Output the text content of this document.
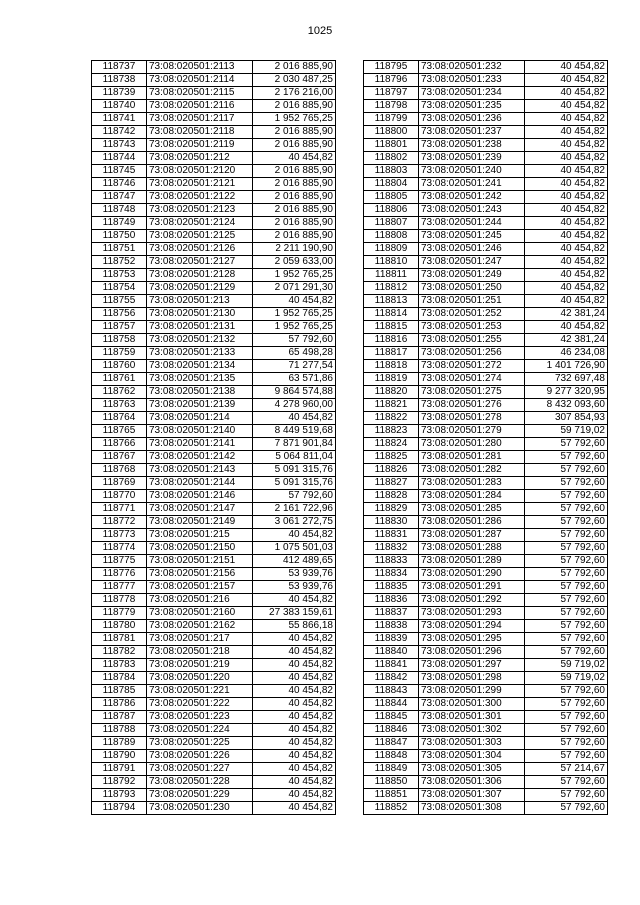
1025
118737	73:08:020501:2113	2 016 885,90
118738	73:08:020501:2114	2 030 487,25
118739	73:08:020501:2115	2 176 216,00
118740	73:08:020501:2116	2 016 885,90
118741	73:08:020501:2117	1 952 765,25
118742	73:08:020501:2118	2 016 885,90
118743	73:08:020501:2119	2 016 885,90
118744	73:08:020501:212	40 454,82
118745	73:08:020501:2120	2 016 885,90
118746	73:08:020501:2121	2 016 885,90
118747	73:08:020501:2122	2 016 885,90
118748	73:08:020501:2123	2 016 885,90
118749	73:08:020501:2124	2 016 885,90
118750	73:08:020501:2125	2 016 885,90
118751	73:08:020501:2126	2 211 190,90
118752	73:08:020501:2127	2 059 633,00
118753	73:08:020501:2128	1 952 765,25
118754	73:08:020501:2129	2 071 291,30
118755	73:08:020501:213	40 454,82
118756	73:08:020501:2130	1 952 765,25
118757	73:08:020501:2131	1 952 765,25
118758	73:08:020501:2132	57 792,60
118759	73:08:020501:2133	65 498,28
118760	73:08:020501:2134	71 277,54
118761	73:08:020501:2135	63 571,86
118762	73:08:020501:2138	9 864 574,88
118763	73:08:020501:2139	4 278 960,00
118764	73:08:020501:214	40 454,82
118765	73:08:020501:2140	8 449 519,68
118766	73:08:020501:2141	7 871 901,84
118767	73:08:020501:2142	5 064 811,04
118768	73:08:020501:2143	5 091 315,76
118769	73:08:020501:2144	5 091 315,76
118770	73:08:020501:2146	57 792,60
118771	73:08:020501:2147	2 161 722,96
118772	73:08:020501:2149	3 061 272,75
118773	73:08:020501:215	40 454,82
118774	73:08:020501:2150	1 075 501,03
118775	73:08:020501:2151	412 489,65
118776	73:08:020501:2156	53 939,76
118777	73:08:020501:2157	53 939,76
118778	73:08:020501:216	40 454,82
118779	73:08:020501:2160	27 383 159,61
118780	73:08:020501:2162	55 866,18
118781	73:08:020501:217	40 454,82
118782	73:08:020501:218	40 454,82
118783	73:08:020501:219	40 454,82
118784	73:08:020501:220	40 454,82
118785	73:08:020501:221	40 454,82
118786	73:08:020501:222	40 454,82
118787	73:08:020501:223	40 454,82
118788	73:08:020501:224	40 454,82
118789	73:08:020501:225	40 454,82
118790	73:08:020501:226	40 454,82
118791	73:08:020501:227	40 454,82
118792	73:08:020501:228	40 454,82
118793	73:08:020501:229	40 454,82
118794	73:08:020501:230	40 454,82
118795	73:08:020501:232	40 454,82
118796	73:08:020501:233	40 454,82
118797	73:08:020501:234	40 454,82
118798	73:08:020501:235	40 454,82
118799	73:08:020501:236	40 454,82
118800	73:08:020501:237	40 454,82
118801	73:08:020501:238	40 454,82
118802	73:08:020501:239	40 454,82
118803	73:08:020501:240	40 454,82
118804	73:08:020501:241	40 454,82
118805	73:08:020501:242	40 454,82
118806	73:08:020501:243	40 454,82
118807	73:08:020501:244	40 454,82
118808	73:08:020501:245	40 454,82
118809	73:08:020501:246	40 454,82
118810	73:08:020501:247	40 454,82
118811	73:08:020501:249	40 454,82
118812	73:08:020501:250	40 454,82
118813	73:08:020501:251	40 454,82
118814	73:08:020501:252	42 381,24
118815	73:08:020501:253	40 454,82
118816	73:08:020501:255	42 381,24
118817	73:08:020501:256	46 234,08
118818	73:08:020501:272	1 401 726,90
118819	73:08:020501:274	732 697,48
118820	73:08:020501:275	9 277 320,95
118821	73:08:020501:276	8 432 093,60
118822	73:08:020501:278	307 854,93
118823	73:08:020501:279	59 719,02
118824	73:08:020501:280	57 792,60
118825	73:08:020501:281	57 792,60
118826	73:08:020501:282	57 792,60
118827	73:08:020501:283	57 792,60
118828	73:08:020501:284	57 792,60
118829	73:08:020501:285	57 792,60
118830	73:08:020501:286	57 792,60
118831	73:08:020501:287	57 792,60
118832	73:08:020501:288	57 792,60
118833	73:08:020501:289	57 792,60
118834	73:08:020501:290	57 792,60
118835	73:08:020501:291	57 792,60
118836	73:08:020501:292	57 792,60
118837	73:08:020501:293	57 792,60
118838	73:08:020501:294	57 792,60
118839	73:08:020501:295	57 792,60
118840	73:08:020501:296	57 792,60
118841	73:08:020501:297	59 719,02
118842	73:08:020501:298	59 719,02
118843	73:08:020501:299	57 792,60
118844	73:08:020501:300	57 792,60
118845	73:08:020501:301	57 792,60
118846	73:08:020501:302	57 792,60
118847	73:08:020501:303	57 792,60
118848	73:08:020501:304	57 792,60
118849	73:08:020501:305	57 214,67
118850	73:08:020501:306	57 792,60
118851	73:08:020501:307	57 792,60
118852	73:08:020501:308	57 792,60
